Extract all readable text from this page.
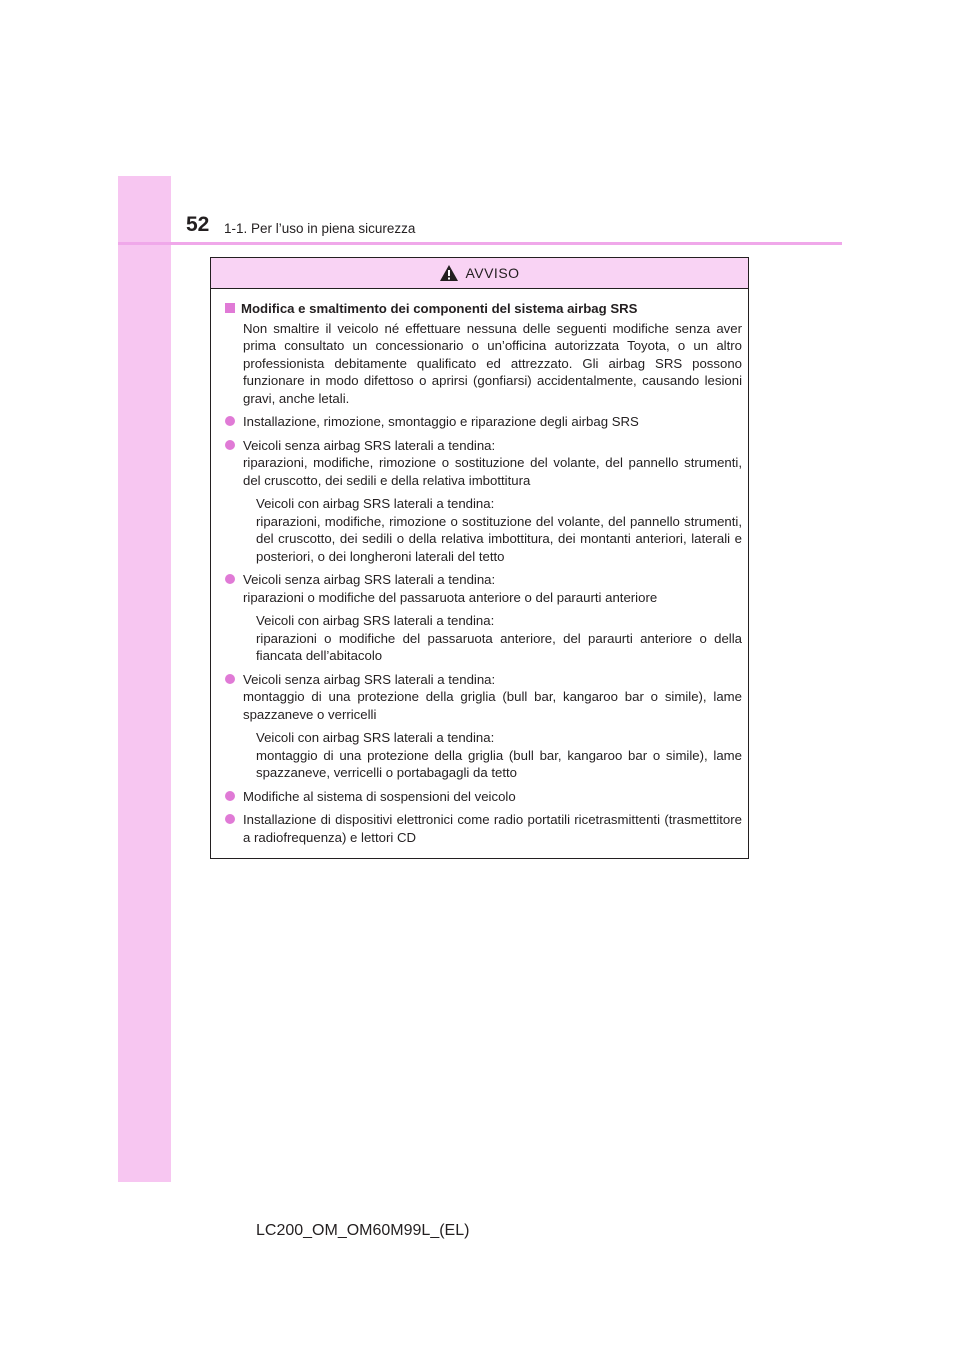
52 1-1. Per l’uso in piena sicurezza
AVVISO
Modifica e smaltimento dei componenti del sistema airbag SRS

Non smaltire il veicolo né effettuare nessuna delle seguenti modifiche senza aver prima consultato un concessionario o un’officina autorizzata Toyota, o un altro professionista debitamente qualificato ed attrezzato. Gli airbag SRS possono funzionare in modo difettoso o aprirsi (gonfiarsi) accidentalmente, causando lesioni gravi, anche letali.

Installazione, rimozione, smontaggio e riparazione degli airbag SRS
Veicoli senza airbag SRS laterali a tendina:
riparazioni, modifiche, rimozione o sostituzione del volante, del pannello strumenti, del cruscotto, dei sedili e della relativa imbottitura
Veicoli con airbag SRS laterali a tendina:
riparazioni, modifiche, rimozione o sostituzione del volante, del pannello strumenti, del cruscotto, dei sedili o della relativa imbottitura, dei montanti anteriori, laterali e posteriori, o dei longheroni laterali del tetto
Veicoli senza airbag SRS laterali a tendina:
riparazioni o modifiche del passaruota anteriore o del paraurti anteriore
Veicoli con airbag SRS laterali a tendina:
riparazioni o modifiche del passaruota anteriore, del paraurti anteriore o della fiancata dell’abitacolo
Veicoli senza airbag SRS laterali a tendina:
montaggio di una protezione della griglia (bull bar, kangaroo bar o simile), lame spazzaneve o verricelli
Veicoli con airbag SRS laterali a tendina:
montaggio di una protezione della griglia (bull bar, kangaroo bar o simile), lame spazzaneve, verricelli o portabagagli da tetto
Modifiche al sistema di sospensioni del veicolo
Installazione di dispositivi elettronici come radio portatili ricetrasmittenti (trasmettitore a radiofrequenza) e lettori CD
LC200_OM_OM60M99L_(EL)
